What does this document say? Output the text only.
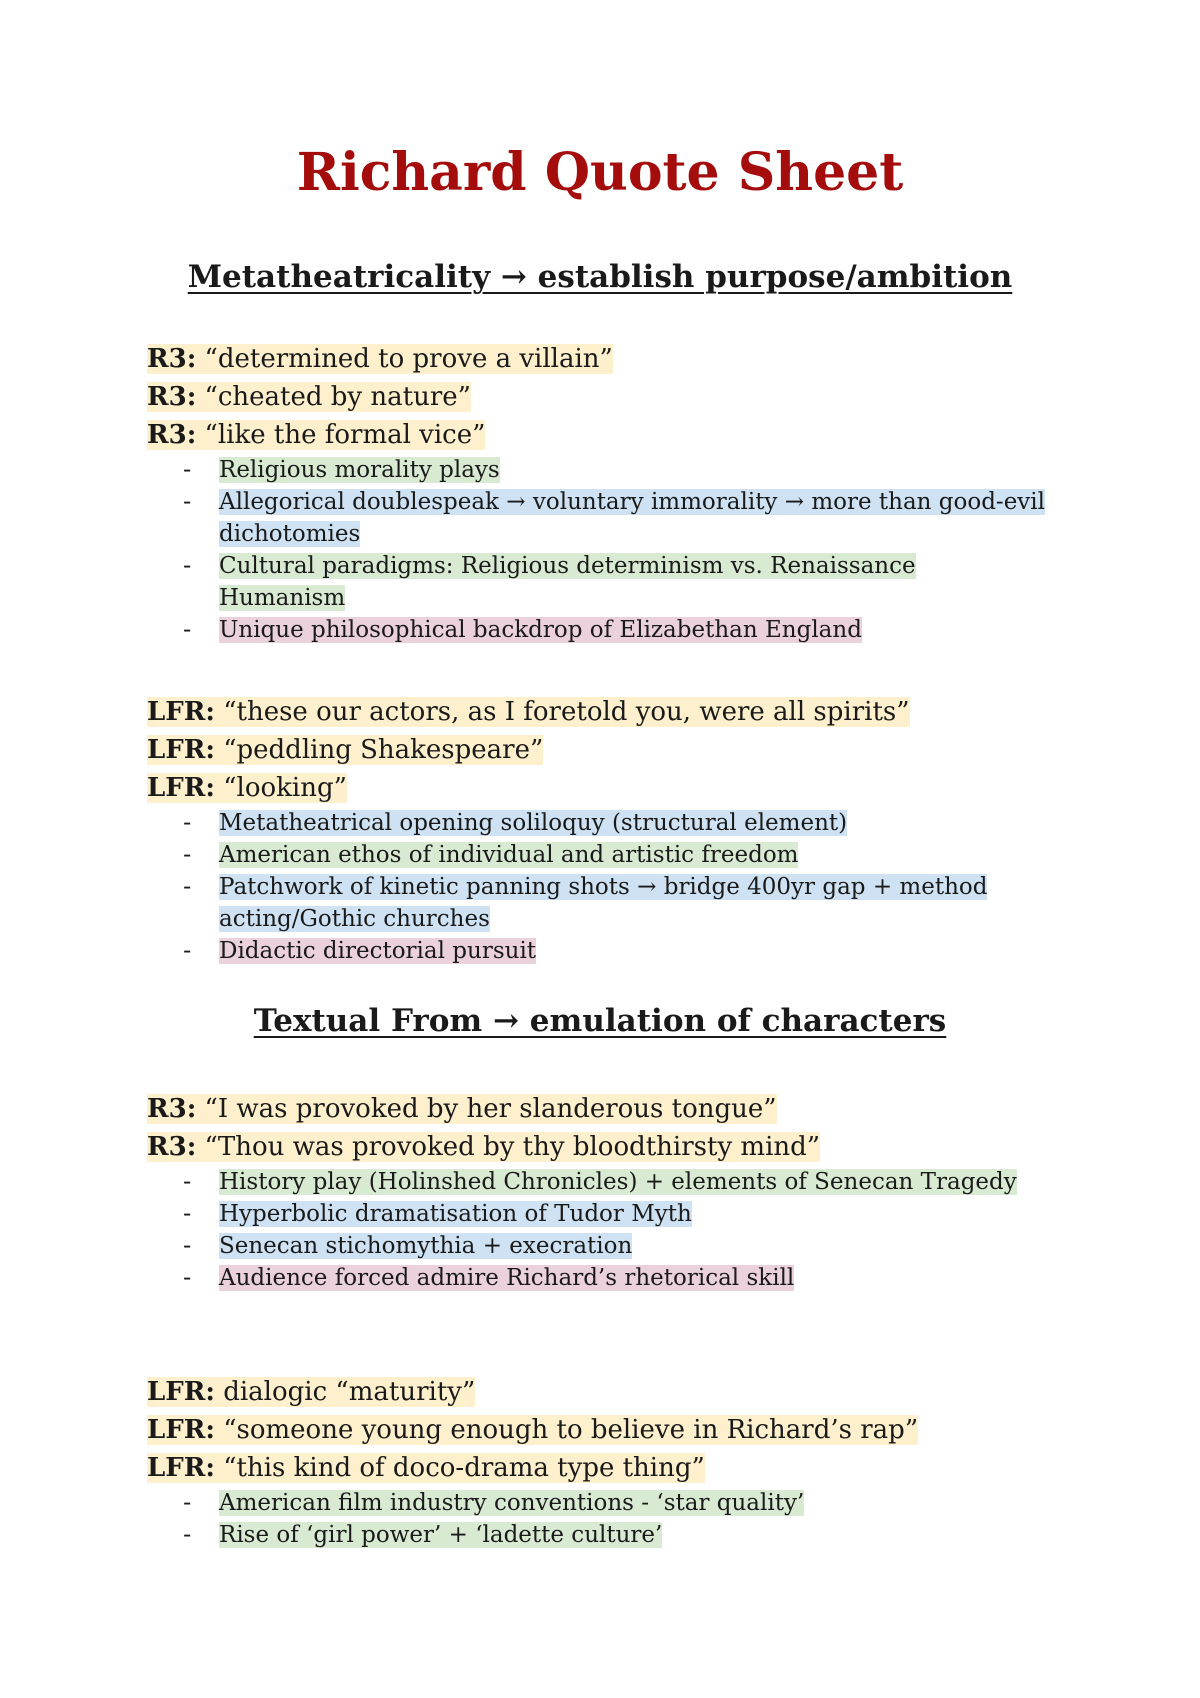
Richard Quote Sheet
Metatheatricality → establish purpose/ambition
R3: “determined to prove a villain”
R3: “cheated by nature”
R3: “like the formal vice”
- Religious morality plays
- Allegorical doublespeak → voluntary immorality → more than good-evil dichotomies
- Cultural paradigms: Religious determinism vs. Renaissance Humanism
- Unique philosophical backdrop of Elizabethan England
LFR: “these our actors, as I foretold you, were all spirits”
LFR: “peddling Shakespeare”
LFR: “looking”
- Metatheatrical opening soliloquy (structural element)
- American ethos of individual and artistic freedom
- Patchwork of kinetic panning shots → bridge 400yr gap + method acting/Gothic churches
- Didactic directorial pursuit
Textual From → emulation of characters
R3: “I was provoked by her slanderous tongue”
R3: “Thou was provoked by thy bloodthirsty mind”
- History play (Holinshed Chronicles) + elements of Senecan Tragedy
- Hyperbolic dramatisation of Tudor Myth
- Senecan stichomythia + execration
- Audience forced admire Richard’s rhetorical skill
LFR: dialogic “maturity”
LFR: “someone young enough to believe in Richard’s rap”
LFR: “this kind of doco-drama type thing”
- American film industry conventions - ‘star quality’
- Rise of ‘girl power’ + ‘ladette culture’
